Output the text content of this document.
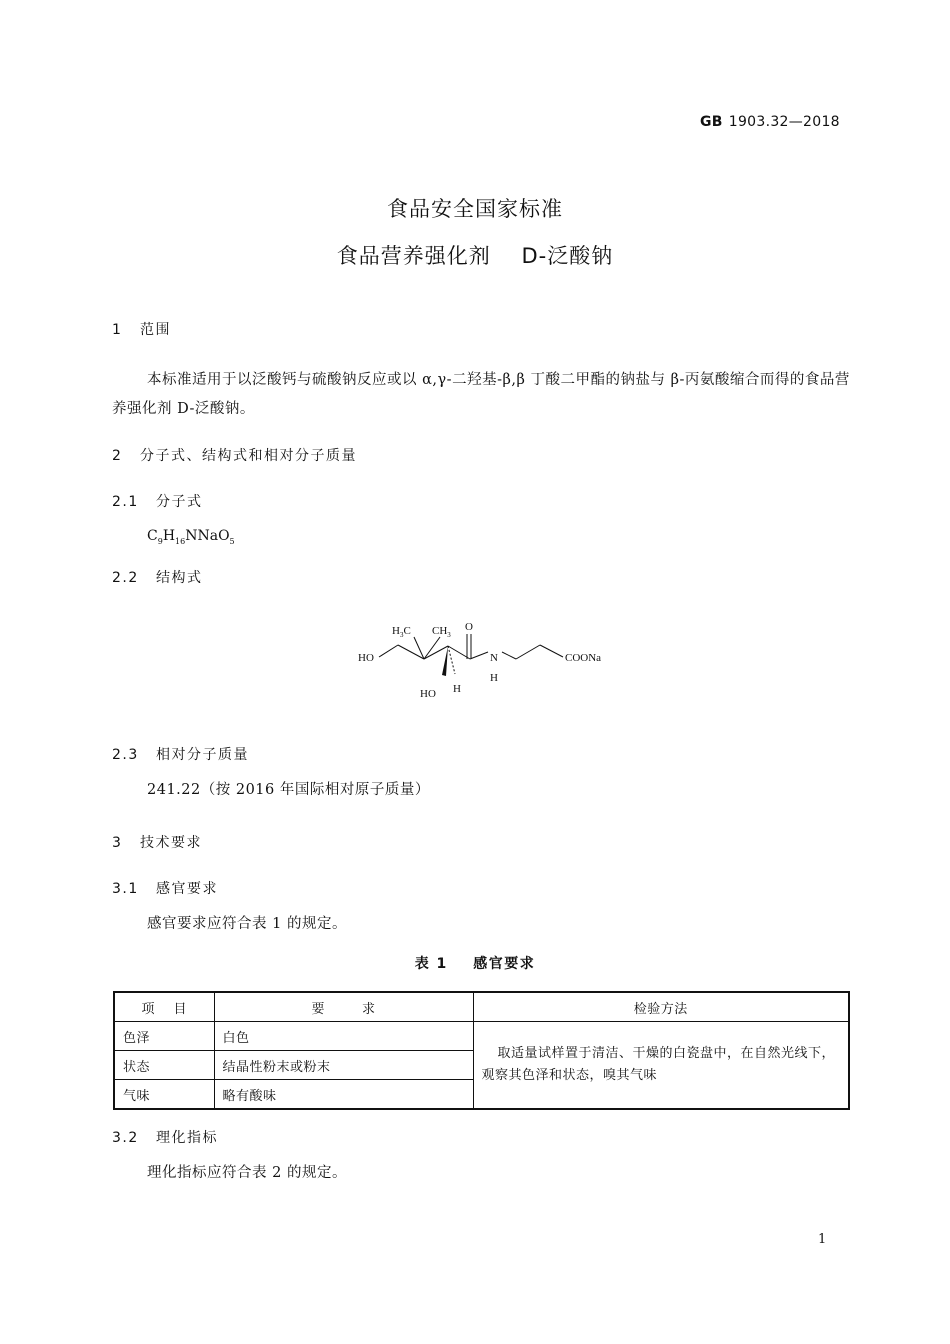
GB 1903.32—2018
食品安全国家标准
食品营养强化剂    D-泛酸钠
1 范围
本标准适用于以泛酸钙与硫酸钠反应或以 α,γ-二羟基-β,β 丁酸二甲酯的钠盐与 β-丙氨酸缩合而得的食品营养强化剂 D-泛酸钠。
2 分子式、结构式和相对分子质量
2.1 分子式
$C_9H_{16}NNaO_5$
2.2 结构式
$H_3C$ $CH_3$
O
HO	N
H
COONa
HO H
2.3 相对分子质量
241.22（按 2016 年国际相对原子质量）
3 技术要求
3.1 感官要求
感官要求应符合表 1 的规定。
表 1    感官要求
项    目	要        求	检验方法
色泽	白色	取适量试样置于清洁、干燥的白瓷盘中，在自然光线下，观察其色泽和状态，嗅其气味
状态	结晶性粉末或粉末	
气味	略有酸味	
3.2 理化指标
理化指标应符合表 2 的规定。
1
